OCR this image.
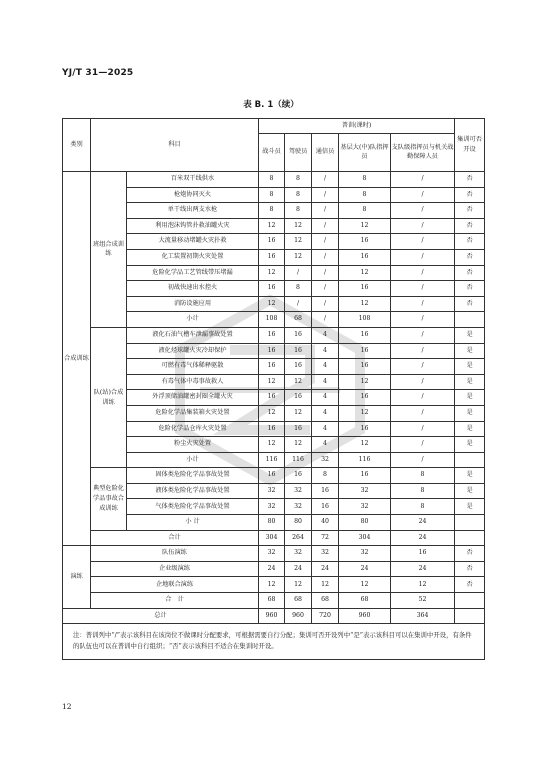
YJ/T 31—2025
表 B. 1（续）
类别	科目		普训(课时)					集训可否开设
			战斗员	驾驶员	通信员	基层大(中)队指挥员	支队级指挥员与机关战勤保障人员	
合成训练	班组合成训练	百米双干线供水	8	8	/	8	/	否
		枪炮协同灭火	8	8	/	8	/	否
		单干线出两支水枪	8	8	/	8	/	否
		利用泡沫钩管扑救油罐火灾	12	12	/	12	/	否
		大流量移动堵罐火灾扑救	16	12	/	16	/	否
		化工装置初期火灾处置	16	12	/	16	/	否
		危险化学品工艺管线带压堵漏	12	/	/	12	/	否
		初战快速出水控火	16	8	/	16	/	否
		消防设施应用	12	/	/	12	/	否
		小计	108	68	/	108	/	
	队(站)合成训练	液化石油气槽车泄漏事故处置	16	16	4	16	/	是
		液化烃球罐火灾冷却保护	16	16	4	16	/	是
		可燃有毒气体稀释驱散	16	16	4	16	/	是
		有毒气体中毒事故救人	12	12	4	12	/	是
		外浮顶储油罐密封圈全罐火灾	16	16	4	16	/	是
		危险化学品集装箱火灾处置	12	12	4	12	/	是
		危险化学品仓库火灾处置	16	16	4	16	/	是
		粉尘火灾处置	12	12	4	12	/	是
		小计	116	116	32	116	/	
	典型危险化学品事故合成训练	固体类危险化学品事故处置	16	16	8	16	8	是
		液体类危险化学品事故处置	32	32	16	32	8	是
		气体类危险化学品事故处置	32	32	16	32	8	是
		小 计	80	80	40	80	24	
	合计		304	264	72	304	24	
演练	队伍演练		32	32	32	32	16	否
	企业级演练		24	24	24	24	24	否
	企地联合演练		12	12	12	12	12	否
	合　计		68	68	68	68	52	
总计			960	960	720	960	364	
注：普训列中“/”表示该科目在该岗位不做课时分配要求，可根据需要自行分配；集训可否开设列中“是”表示该科目可以在集训中开设，有条件的队伍也可以在普训中自行组织；“否”表示该科目不适合在集训时开设。								
12
